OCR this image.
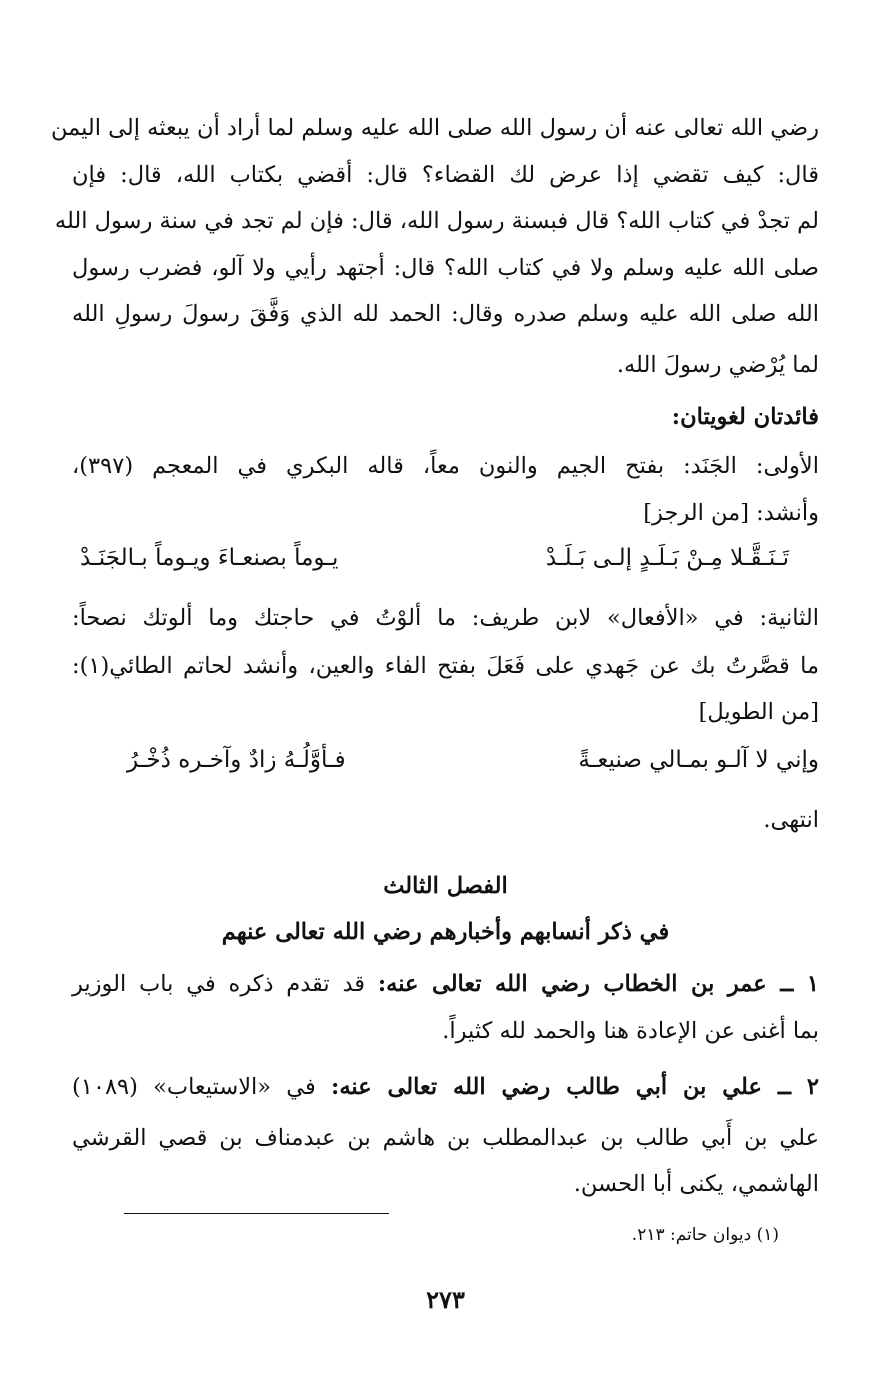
رضي الله تعالى عنه أن رسول الله صلى الله عليه وسلم لما أراد أن يبعثه إلى اليمن
قال: كيف تقضي إذا عرض لك القضاء؟ قال: أقضي بكتاب الله، قال: فإن
لم تجدْ في كتاب الله؟ قال فبسنة رسول الله، قال: فإن لم تجد في سنة رسول الله
صلى الله عليه وسلم ولا في كتاب الله؟ قال: أجتهد رأيي ولا آلو، فضرب رسول
الله صلى الله عليه وسلم صدره وقال: الحمد لله الذي وَفَّقَ رسولَ رسولِ الله
لما يُرْضي رسولَ الله.
فائدتان لغويتان:
الأولى: الجَنَد: بفتح الجيم والنون معاً، قاله البكري في المعجم (٣٩٧)،
وأنشد: [من الرجز]
تَـنَـقَّـلا مِـنْ بَـلَـدٍ إلـى بَـلَـدْ
يـوماً بصنعـاءَ ويـوماً بـالجَنَـدْ
الثانية: في «الأفعال» لابن طريف: ما ألوْتُ في حاجتك وما ألوتك نصحاً:
ما قصَّرتُ بك عن جَهدي على فَعَلَ بفتح الفاء والعين، وأنشد لحاتم الطائي(١):
[من الطويل]
وإني لا آلـو بمـالي صنيعـةً
فـأوَّلُـهُ زادٌ وآخـره ذُخْـرُ
انتهى.
الفصل الثالث
في ذكر أنسابهم وأخبارهم رضي الله تعالى عنهم
١ ــ عمر بن الخطاب رضي الله تعالى عنه: قد تقدم ذكره في باب الوزير
بما أغنى عن الإعادة هنا والحمد لله كثيراً.
٢ ــ علي بن أبي طالب رضي الله تعالى عنه: في «الاستيعاب» (١٠٨٩)
علي بن أَبي طالب بن عبدالمطلب بن هاشم بن عبدمناف بن قصي القرشي
الهاشمي، يكنى أبا الحسن.
(١) ديوان حاتم: ٢١٣.
٢٧٣
